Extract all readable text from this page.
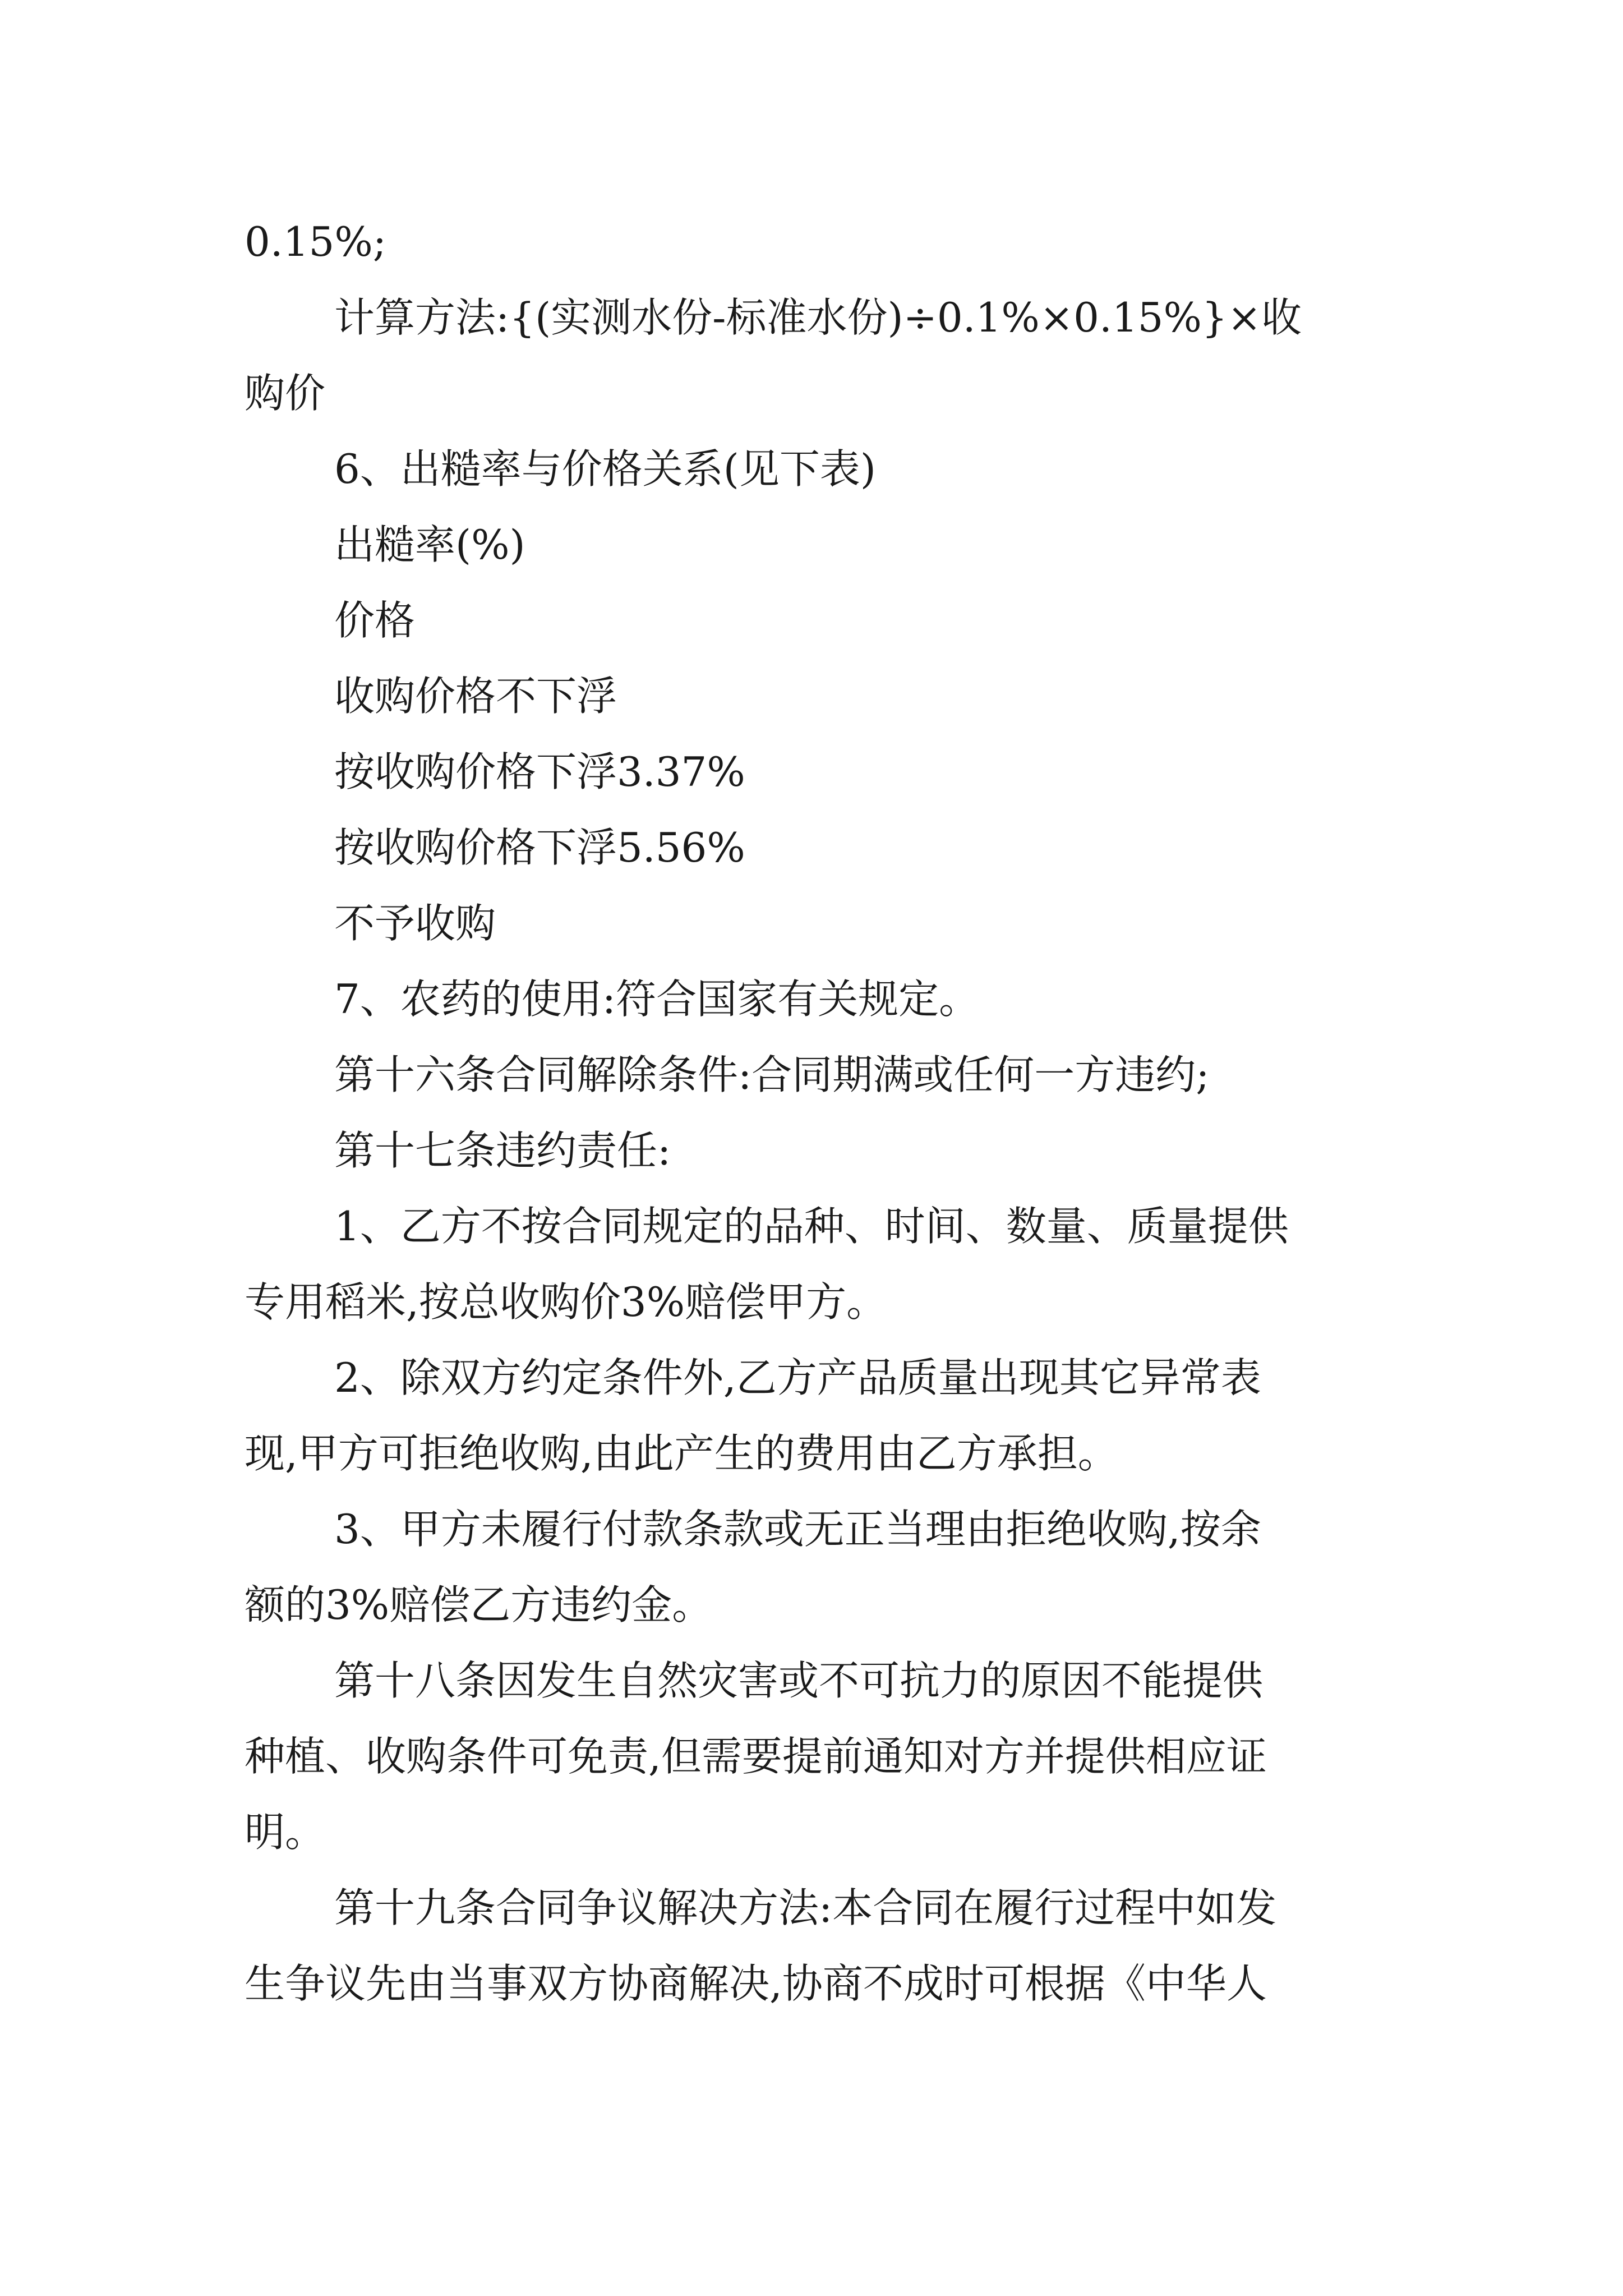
0.15%;
计算方法:{(实测水份-标准水份)÷0.1%×0.15%}×收
购价
6、出糙率与价格关系(见下表)
出糙率(%)
价格
收购价格不下浮
按收购价格下浮3.37%
按收购价格下浮5.56%
不予收购
7、农药的使用:符合国家有关规定。
第十六条合同解除条件:合同期满或任何一方违约;
第十七条违约责任:
1、乙方不按合同规定的品种、时间、数量、质量提供
专用稻米,按总收购价3%赔偿甲方。
2、除双方约定条件外,乙方产品质量出现其它异常表
现,甲方可拒绝收购,由此产生的费用由乙方承担。
3、甲方未履行付款条款或无正当理由拒绝收购,按余
额的3%赔偿乙方违约金。
第十八条因发生自然灾害或不可抗力的原因不能提供
种植、收购条件可免责,但需要提前通知对方并提供相应证
明。
第十九条合同争议解决方法:本合同在履行过程中如发
生争议先由当事双方协商解决,协商不成时可根据《中华人
